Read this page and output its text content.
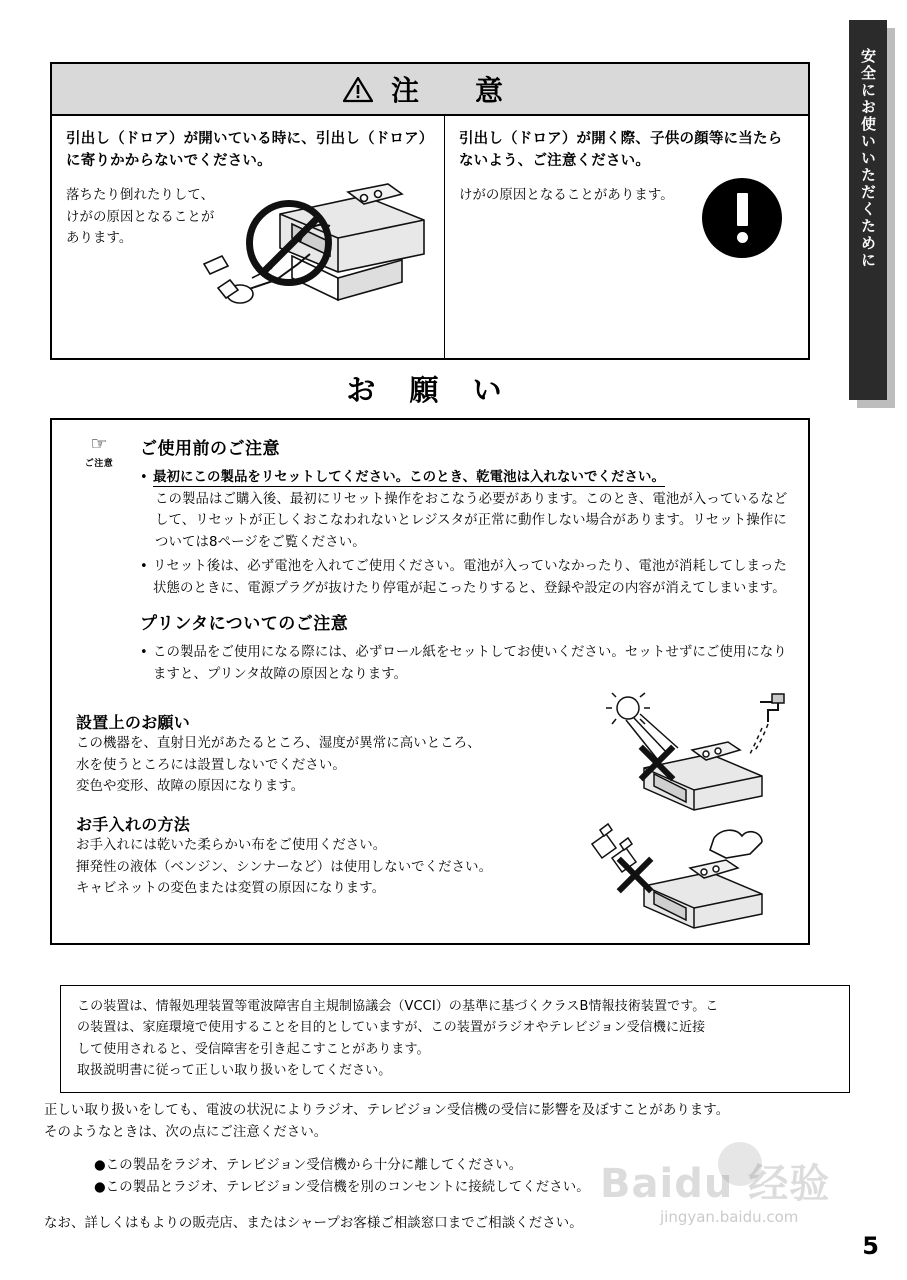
安全にお使いいただくために
注　意
引出し（ドロア）が開いている時に、引出し（ドロア）に寄りかからないでください。
落ちたり倒れたりして、けがの原因となることがあります。
引出し（ドロア）が開く際、子供の顔等に当たらないよう、ご注意ください。
けがの原因となることがあります。
お 願 い
☞
ご注意
ご使用前のご注意
• 最初にこの製品をリセットしてください。このとき、乾電池は入れないでください。
この製品はご購入後、最初にリセット操作をおこなう必要があります。このとき、電池が入っているなどして、リセットが正しくおこなわれないとレジスタが正常に動作しない場合があります。リセット操作については8ページをご覧ください。
• リセット後は、必ず電池を入れてご使用ください。電池が入っていなかったり、電池が消耗してしまった状態のときに、電源プラグが抜けたり停電が起こったりすると、登録や設定の内容が消えてしまいます。
プリンタについてのご注意
• この製品をご使用になる際には、必ずロール紙をセットしてお使いください。セットせずにご使用になりますと、プリンタ故障の原因となります。
設置上のお願い
この機器を、直射日光があたるところ、湿度が異常に高いところ、
水を使うところには設置しないでください。
変色や変形、故障の原因になります。
お手入れの方法
お手入れには乾いた柔らかい布をご使用ください。
揮発性の液体（ベンジン、シンナーなど）は使用しないでください。
キャビネットの変色または変質の原因になります。
この装置は、情報処理装置等電波障害自主規制協議会（VCCI）の基準に基づくクラスB情報技術装置です。こ
の装置は、家庭環境で使用することを目的としていますが、この装置がラジオやテレビジョン受信機に近接
して使用されると、受信障害を引き起こすことがあります。
取扱説明書に従って正しい取り扱いをしてください。
正しい取り扱いをしても、電波の状況によりラジオ、テレビジョン受信機の受信に影響を及ぼすことがあります。
そのようなときは、次の点にご注意ください。
●この製品をラジオ、テレビジョン受信機から十分に離してください。
●この製品とラジオ、テレビジョン受信機を別のコンセントに接続してください。
なお、詳しくはもよりの販売店、またはシャープお客様ご相談窓口までご相談ください。
Baidu 经验
jingyan.baidu.com
5
